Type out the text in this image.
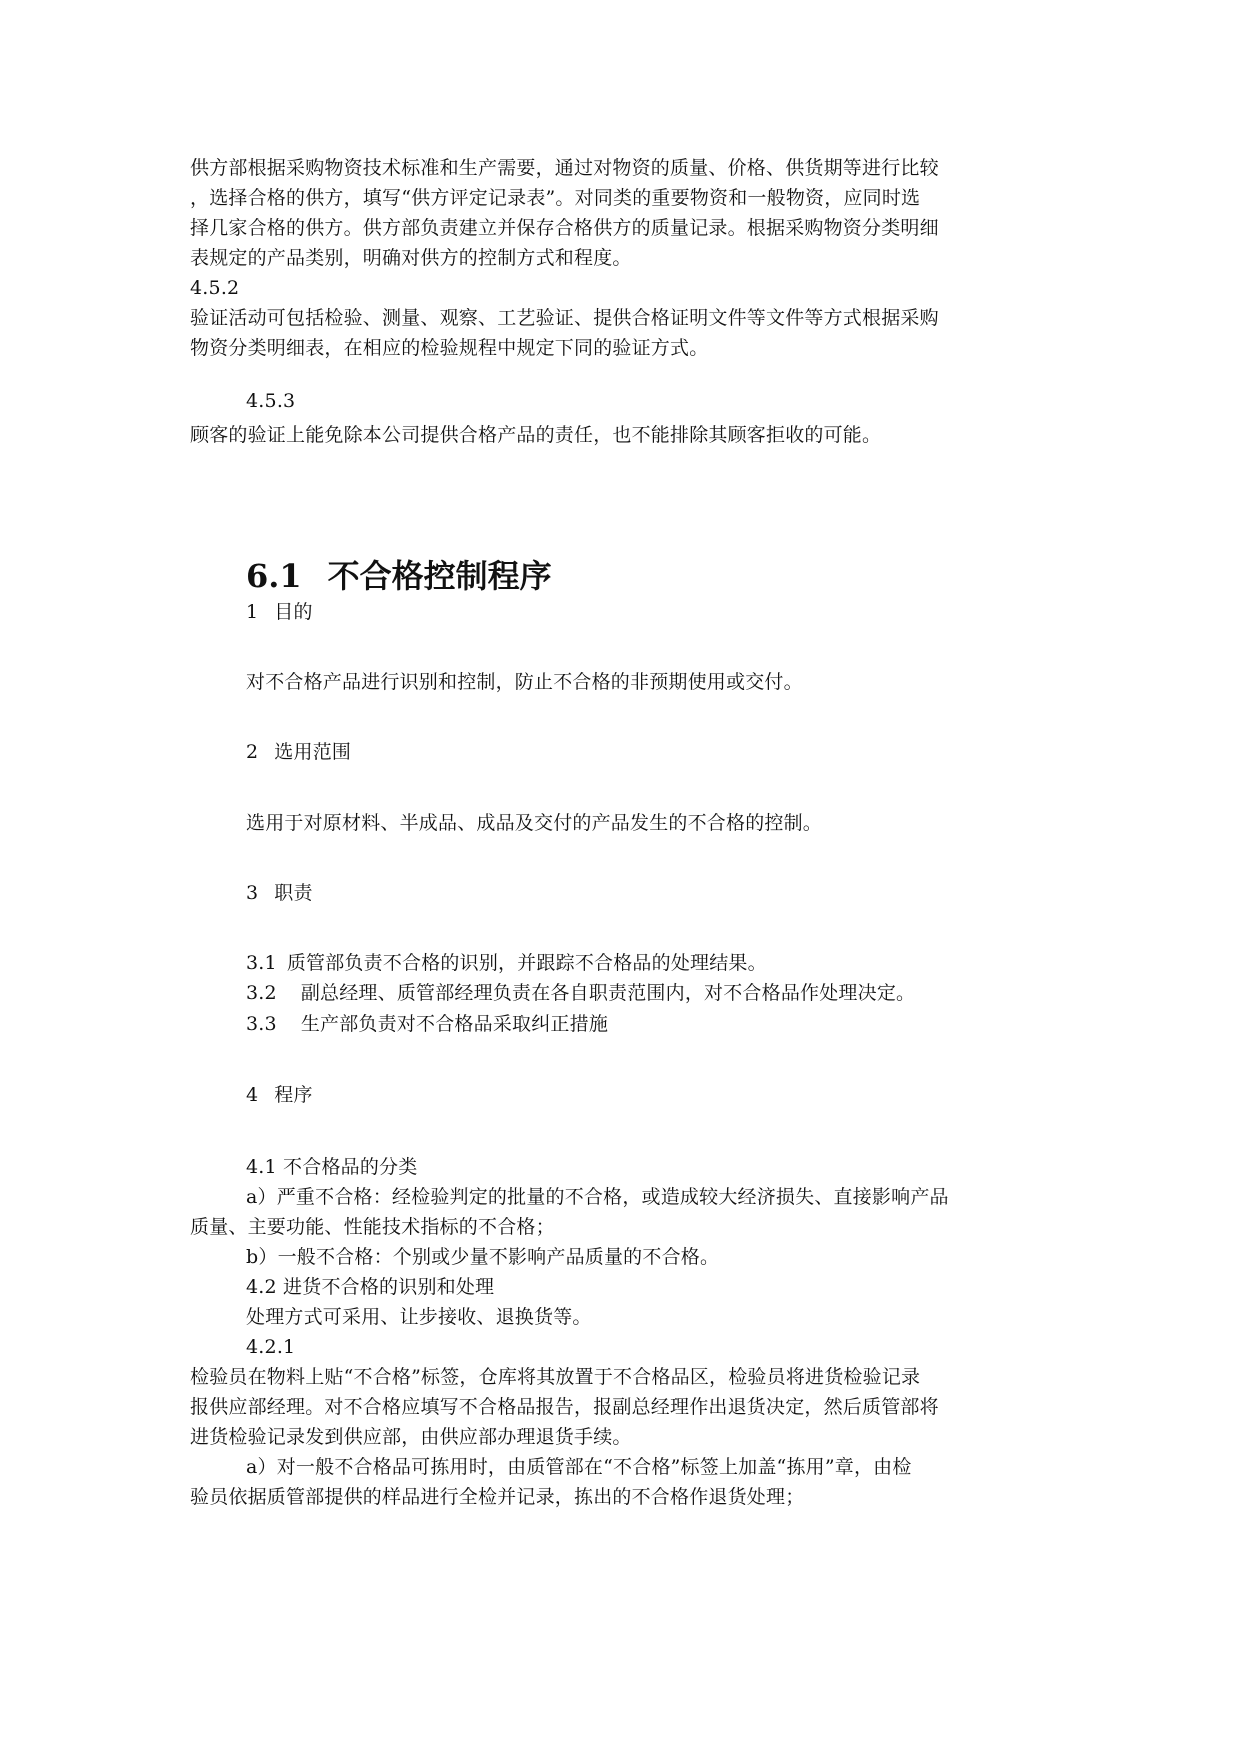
供方部根据采购物资技术标准和生产需要，通过对物资的质量、价格、供货期等进行比较
，选择合格的供方，填写“供方评定记录表”。对同类的重要物资和一般物资，应同时选
择几家合格的供方。供方部负责建立并保存合格供方的质量记录。根据采购物资分类明细
表规定的产品类别，明确对供方的控制方式和程度。
4.5.2
验证活动可包括检验、测量、观察、工艺验证、提供合格证明文件等文件等方式根据采购
物资分类明细表，在相应的检验规程中规定下同的验证方式。
4.5.3
顾客的验证上能免除本公司提供合格产品的责任，也不能排除其顾客拒收的可能。
6.1 不合格控制程序
1 目的
对不合格产品进行识别和控制，防止不合格的非预期使用或交付。
2 选用范围
选用于对原材料、半成品、成品及交付的产品发生的不合格的控制。
3 职责
3.1 质管部负责不合格的识别，并跟踪不合格品的处理结果。
3.2 副总经理、质管部经理负责在各自职责范围内，对不合格品作处理决定。
3.3 生产部负责对不合格品采取纠正措施
4 程序
4.1 不合格品的分类
a）严重不合格：经检验判定的批量的不合格，或造成较大经济损失、直接影响产品
质量、主要功能、性能技术指标的不合格；
b）一般不合格：个别或少量不影响产品质量的不合格。
4.2 进货不合格的识别和处理
处理方式可采用、让步接收、退换货等。
4.2.1
检验员在物料上贴“不合格”标签，仓库将其放置于不合格品区，检验员将进货检验记录
报供应部经理。对不合格应填写不合格品报告，报副总经理作出退货决定，然后质管部将
进货检验记录发到供应部，由供应部办理退货手续。
a）对一般不合格品可拣用时，由质管部在“不合格”标签上加盖“拣用”章，由检
验员依据质管部提供的样品进行全检并记录，拣出的不合格作退货处理；
